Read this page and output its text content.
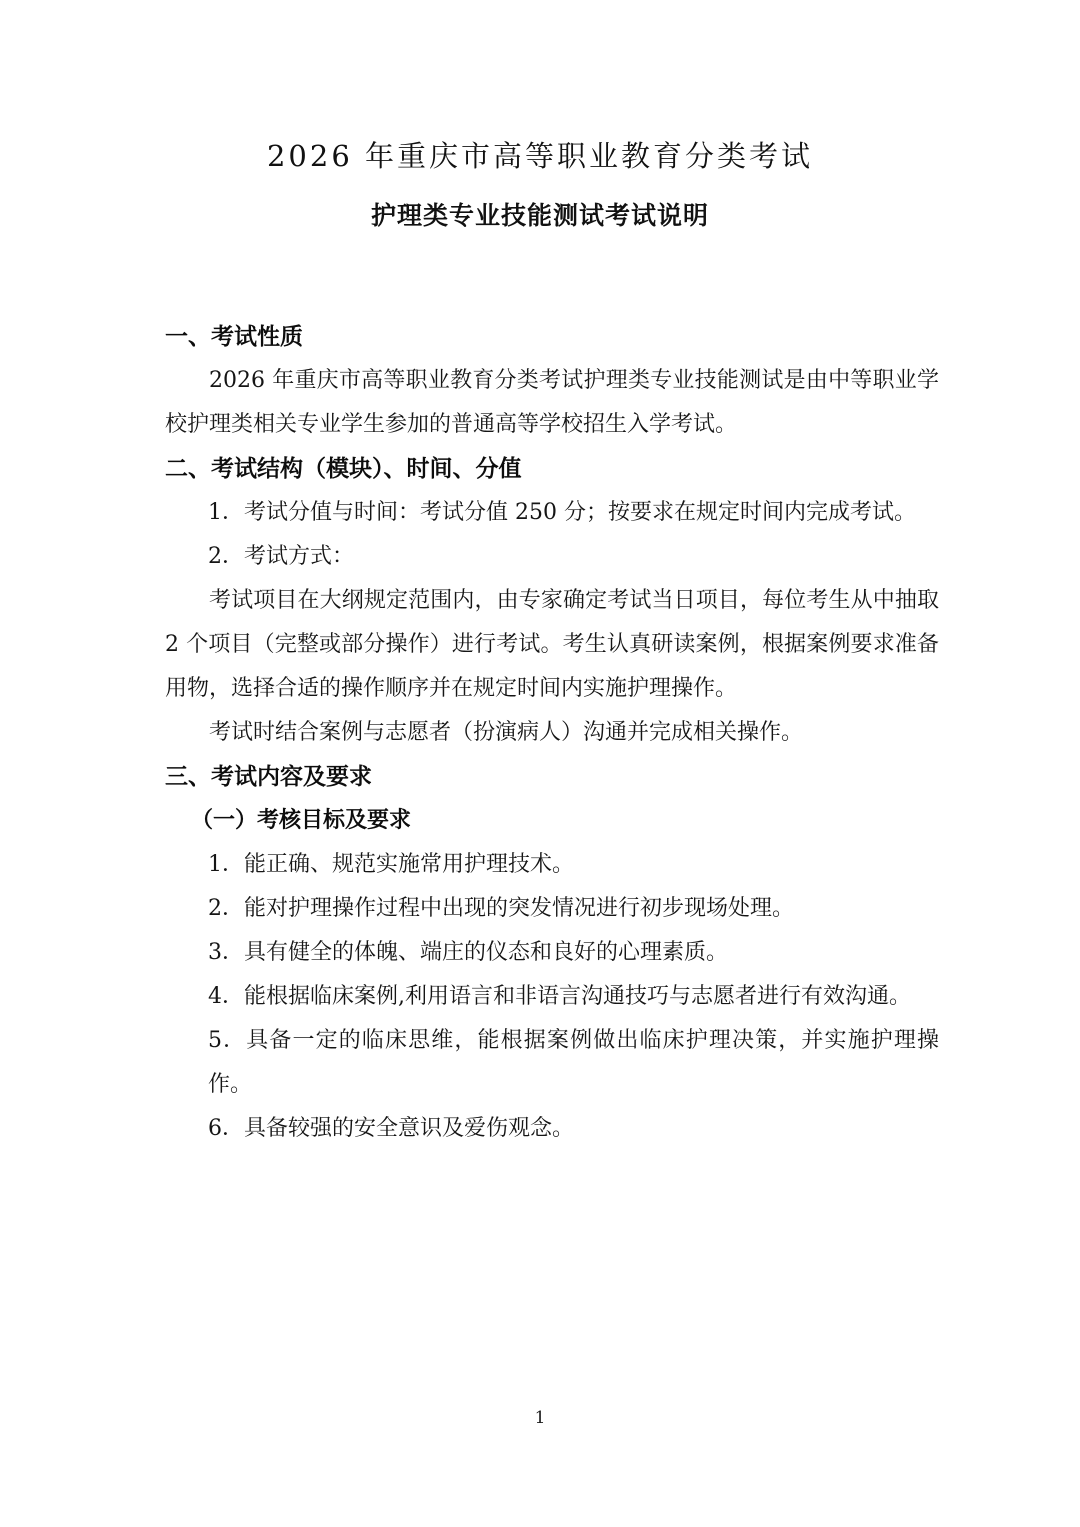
2026 年重庆市高等职业教育分类考试
护理类专业技能测试考试说明
一、考试性质

2026 年重庆市高等职业教育分类考试护理类专业技能测试是由中等职业学校护理类相关专业学生参加的普通高等学校招生入学考试。

二、考试结构（模块）、时间、分值

1．考试分值与时间：考试分值 250 分；按要求在规定时间内完成考试。

2．考试方式：

考试项目在大纲规定范围内，由专家确定考试当日项目，每位考生从中抽取 2 个项目（完整或部分操作）进行考试。考生认真研读案例，根据案例要求准备用物，选择合适的操作顺序并在规定时间内实施护理操作。

考试时结合案例与志愿者（扮演病人）沟通并完成相关操作。

三、考试内容及要求
（一）考核目标及要求

1．能正确、规范实施常用护理技术。

2．能对护理操作过程中出现的突发情况进行初步现场处理。

3．具有健全的体魄、端庄的仪态和良好的心理素质。

4．能根据临床案例,利用语言和非语言沟通技巧与志愿者进行有效沟通。

5．具备一定的临床思维，能根据案例做出临床护理决策，并实施护理操作。

6．具备较强的安全意识及爱伤观念。

1
